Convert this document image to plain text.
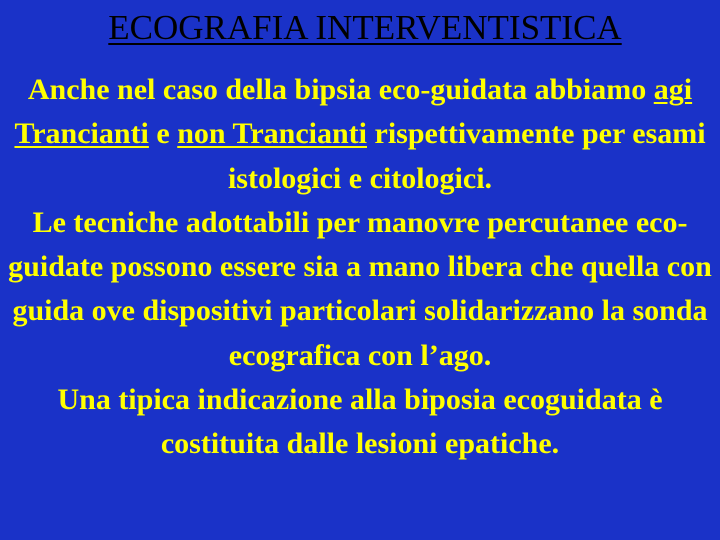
ECOGRAFIA INTERVENTISTICA

Anche nel caso della bipsia eco-guidata abbiamo agi Trancianti e non Trancianti rispettivamente per esami istologici e citologici.

Le tecniche adottabili per manovre percutanee eco-guidate possono essere sia a mano libera che quella con guida ove dispositivi particolari solidarizzano la sonda ecografica con l’ago.

Una tipica indicazione alla biposia ecoguidata è costituita dalle lesioni epatiche.
